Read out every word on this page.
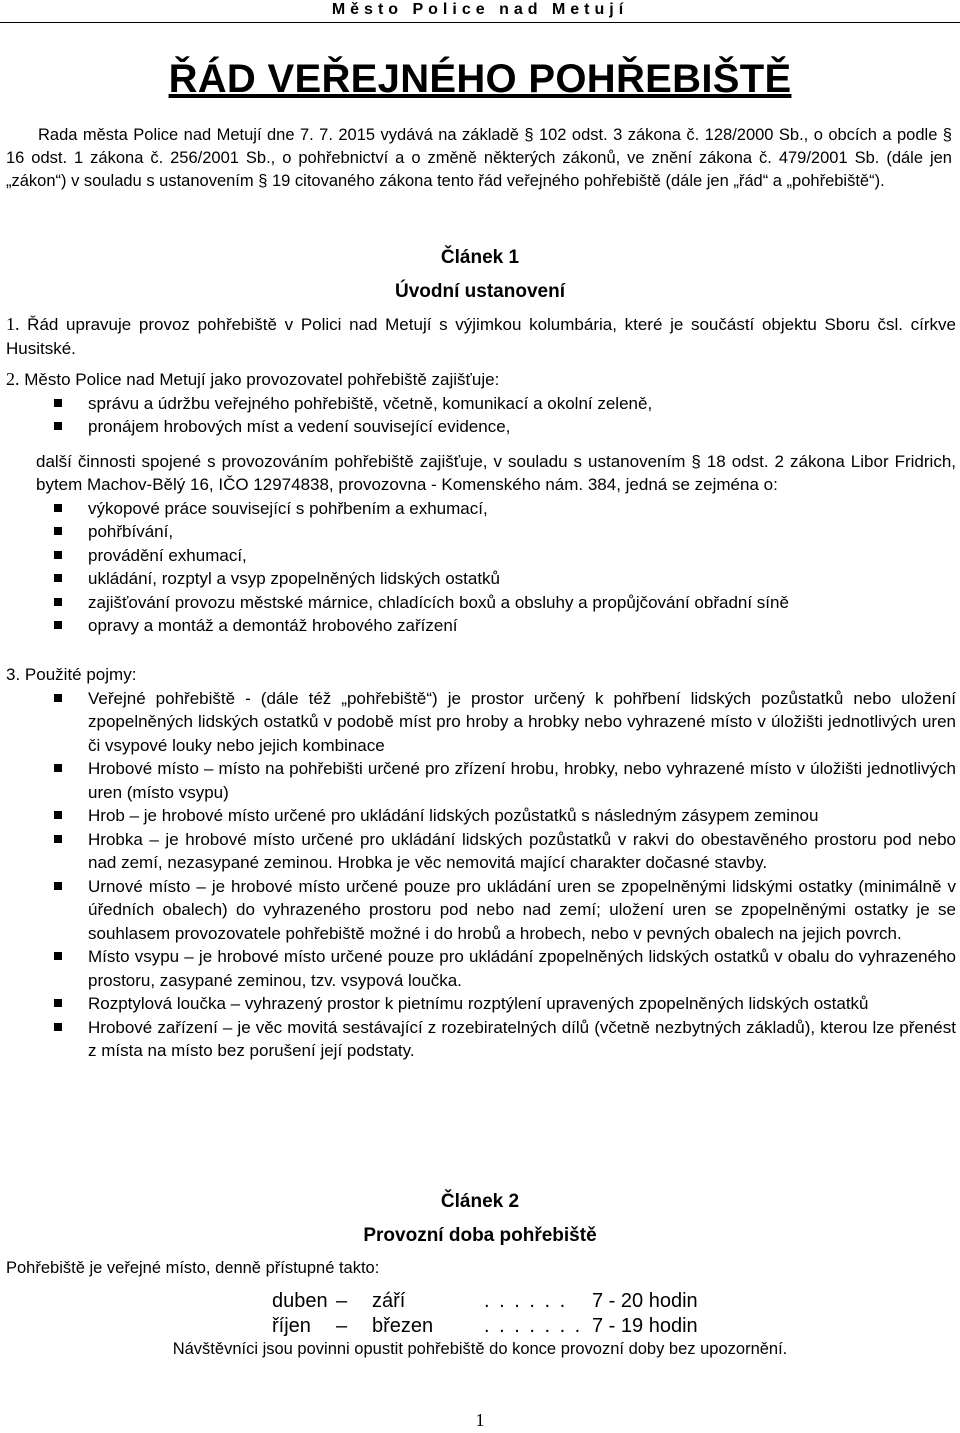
Město Police nad Metují
ŘÁD VEŘEJNÉHO POHŘEBIŠTĚ

Rada města Police nad Metují dne 7. 7. 2015 vydává na základě § 102 odst. 3 zákona č. 128/2000 Sb., o obcích a podle § 16 odst. 1 zákona č. 256/2001 Sb., o pohřebnictví a o změně některých zákonů, ve znění zákona č. 479/2001 Sb. (dále jen „zákon“) v souladu s ustanovením § 19 citovaného zákona tento řád veřejného pohřebiště (dále jen „řád“ a „pohřebiště“).

Článek 1
Úvodní ustanovení

1. Řád upravuje provoz pohřebiště v Polici nad Metují s výjimkou kolumbária, které je součástí objektu Sboru čsl. církve Husitské.

2. Město Police nad Metují jako provozovatel pohřebiště zajišťuje:

správu a údržbu veřejného pohřebiště, včetně, komunikací a okolní zeleně,
pronájem hrobových míst a vedení související evidence,

další činnosti spojené s provozováním pohřebiště zajišťuje, v souladu s ustanovením § 18 odst. 2 zákona Libor Fridrich, bytem Machov-Bělý 16, IČO 12974838, provozovna - Komenského nám. 384, jedná se zejména o:

výkopové práce související s pohřbením a exhumací,
pohřbívání,
provádění exhumací,
ukládání, rozptyl a vsyp zpopelněných lidských ostatků
zajišťování provozu městské márnice, chladících boxů a obsluhy a propůjčování obřadní síně
opravy a montáž a demontáž hrobového zařízení

3. Použité pojmy:

Veřejné pohřebiště - (dále též „pohřebiště“) je prostor určený k pohřbení lidských pozůstatků nebo uložení zpopelněných lidských ostatků v podobě míst pro hroby a hrobky nebo vyhrazené místo v úložišti jednotlivých uren či vsypové louky nebo jejich kombinace
Hrobové místo – místo na pohřebišti určené pro zřízení hrobu, hrobky, nebo vyhrazené místo v úložišti jednotlivých uren (místo vsypu)
Hrob – je hrobové místo určené pro ukládání lidských pozůstatků s následným zásypem zeminou
Hrobka – je hrobové místo určené pro ukládání lidských pozůstatků v rakvi do obestavěného prostoru pod nebo nad zemí, nezasypané zeminou. Hrobka je věc nemovitá mající charakter dočasné stavby.
Urnové místo – je hrobové místo určené pouze pro ukládání uren se zpopelněnými lidskými ostatky (minimálně v úředních obalech) do vyhrazeného prostoru pod nebo nad zemí; uložení uren se zpopelněnými ostatky je se souhlasem provozovatele pohřebiště možné i do hrobů a hrobech, nebo v pevných obalech na jejich povrch.
Místo vsypu – je hrobové místo určené pouze pro ukládání zpopelněných lidských ostatků v obalu do vyhrazeného prostoru, zasypané zeminou, tzv. vsypová loučka.
Rozptylová loučka – vyhrazený prostor k pietnímu rozptýlení upravených zpopelněných lidských ostatků
Hrobové zařízení – je věc movitá sestávající z rozebiratelných dílů (včetně nezbytných základů), kterou lze přenést z místa na místo bez porušení její podstaty.
Článek 2
Provozní doba pohřebiště
Pohřebiště je veřejné místo, denně přístupné takto:
duben –	září	. . . . . .	7 - 20 hodin
říjen	–	březen	. . . . . . . 7 - 19 hodin
Návštěvníci jsou povinni opustit pohřebiště do konce provozní doby bez upozornění.
1
